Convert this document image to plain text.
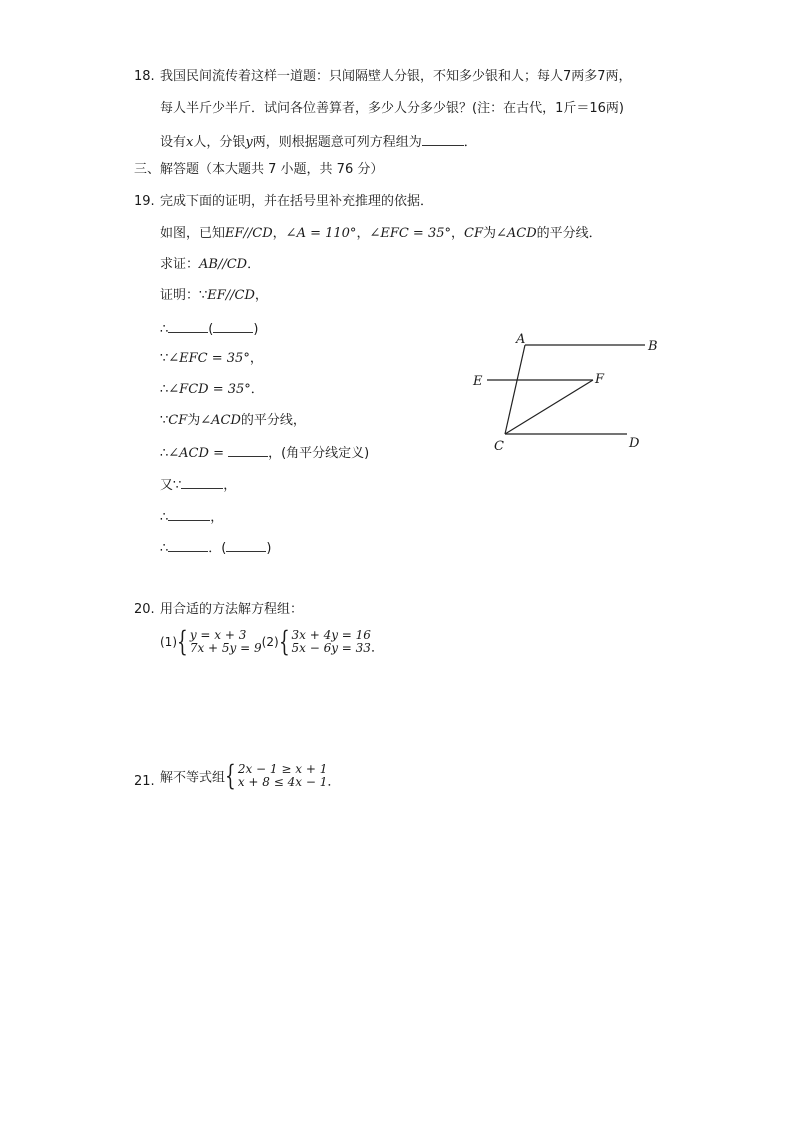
18. 我国民间流传着这样一道题：只闻隔壁人分银，不知多少银和人；每人7两多7两，
每人半斤少半斤．试问各位善算者，多少人分多少银？(注：在古代，1斤＝16两)
设有x人，分银y两，则根据题意可列方程组为	．
三、解答题（本大题共 7 小题，共 76 分）
19. 完成下面的证明，并在括号里补充推理的依据．
如图，已知EF//CD，∠A = 110°，∠EFC = 35°，CF为∠ACD的平分线．
求证：AB//CD．
证明：∵EF//CD，
∴	(	)
∵∠EFC = 35°，
∴∠FCD = 35°．
∵CF为∠ACD的平分线，
∴∠ACD =	，(角平分线定义)
又∵	，
∴	，
∴	．(	)
A	B
E	F
C	D
20. 用合适的方法解方程组：
(1){ y = x + 3
7x + 5y = 9 (2){ 3x + 4y = 16
5x − 6y = 33 ．
21. 解不等式组{ 2x − 1 ≥ x + 1
x + 8 ≤ 4x − 1 ．
